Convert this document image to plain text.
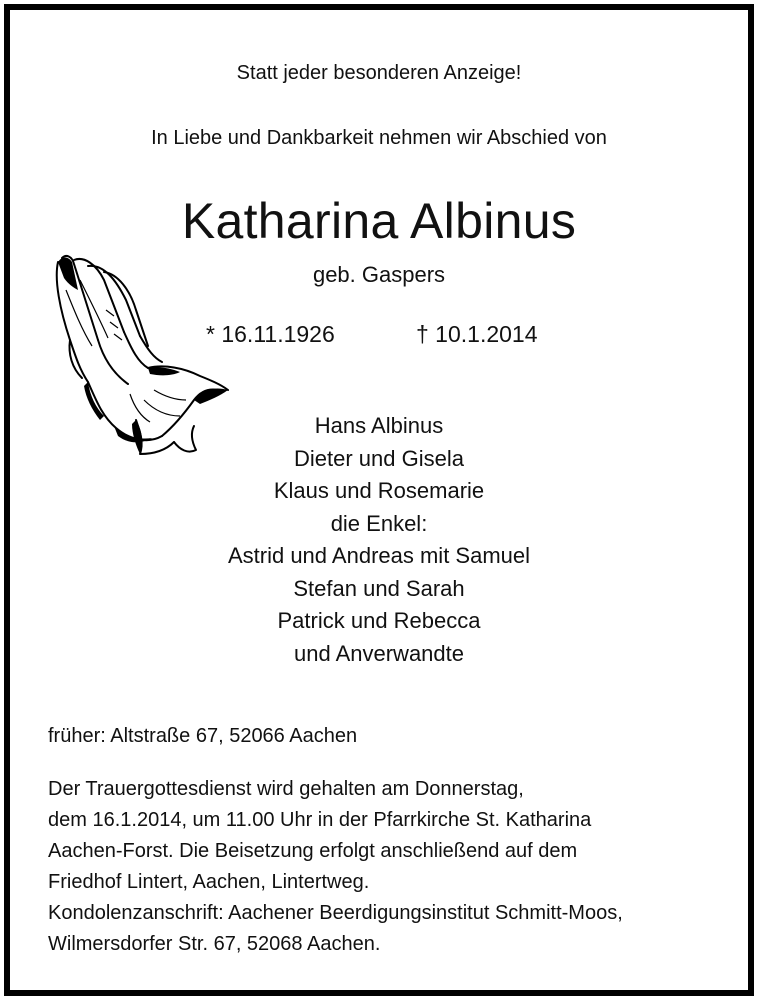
Statt jeder besonderen Anzeige!
In Liebe und Dankbarkeit nehmen wir Abschied von
Katharina Albinus
geb. Gaspers
* 16.11.1926	† 10.1.2014
Hans Albinus
Dieter und Gisela
Klaus und Rosemarie
die Enkel:
Astrid und Andreas mit Samuel
Stefan und Sarah
Patrick und Rebecca
und Anverwandte
früher: Altstraße 67, 52066 Aachen
Der Trauergottesdienst wird gehalten am Donnerstag,
dem 16.1.2014, um 11.00 Uhr in der Pfarrkirche St. Katharina
Aachen-Forst. Die Beisetzung erfolgt anschließend auf dem
Friedhof Lintert, Aachen, Lintertweg.
Kondolenzanschrift: Aachener Beerdigungsinstitut Schmitt-Moos,
Wilmersdorfer Str. 67, 52068 Aachen.
